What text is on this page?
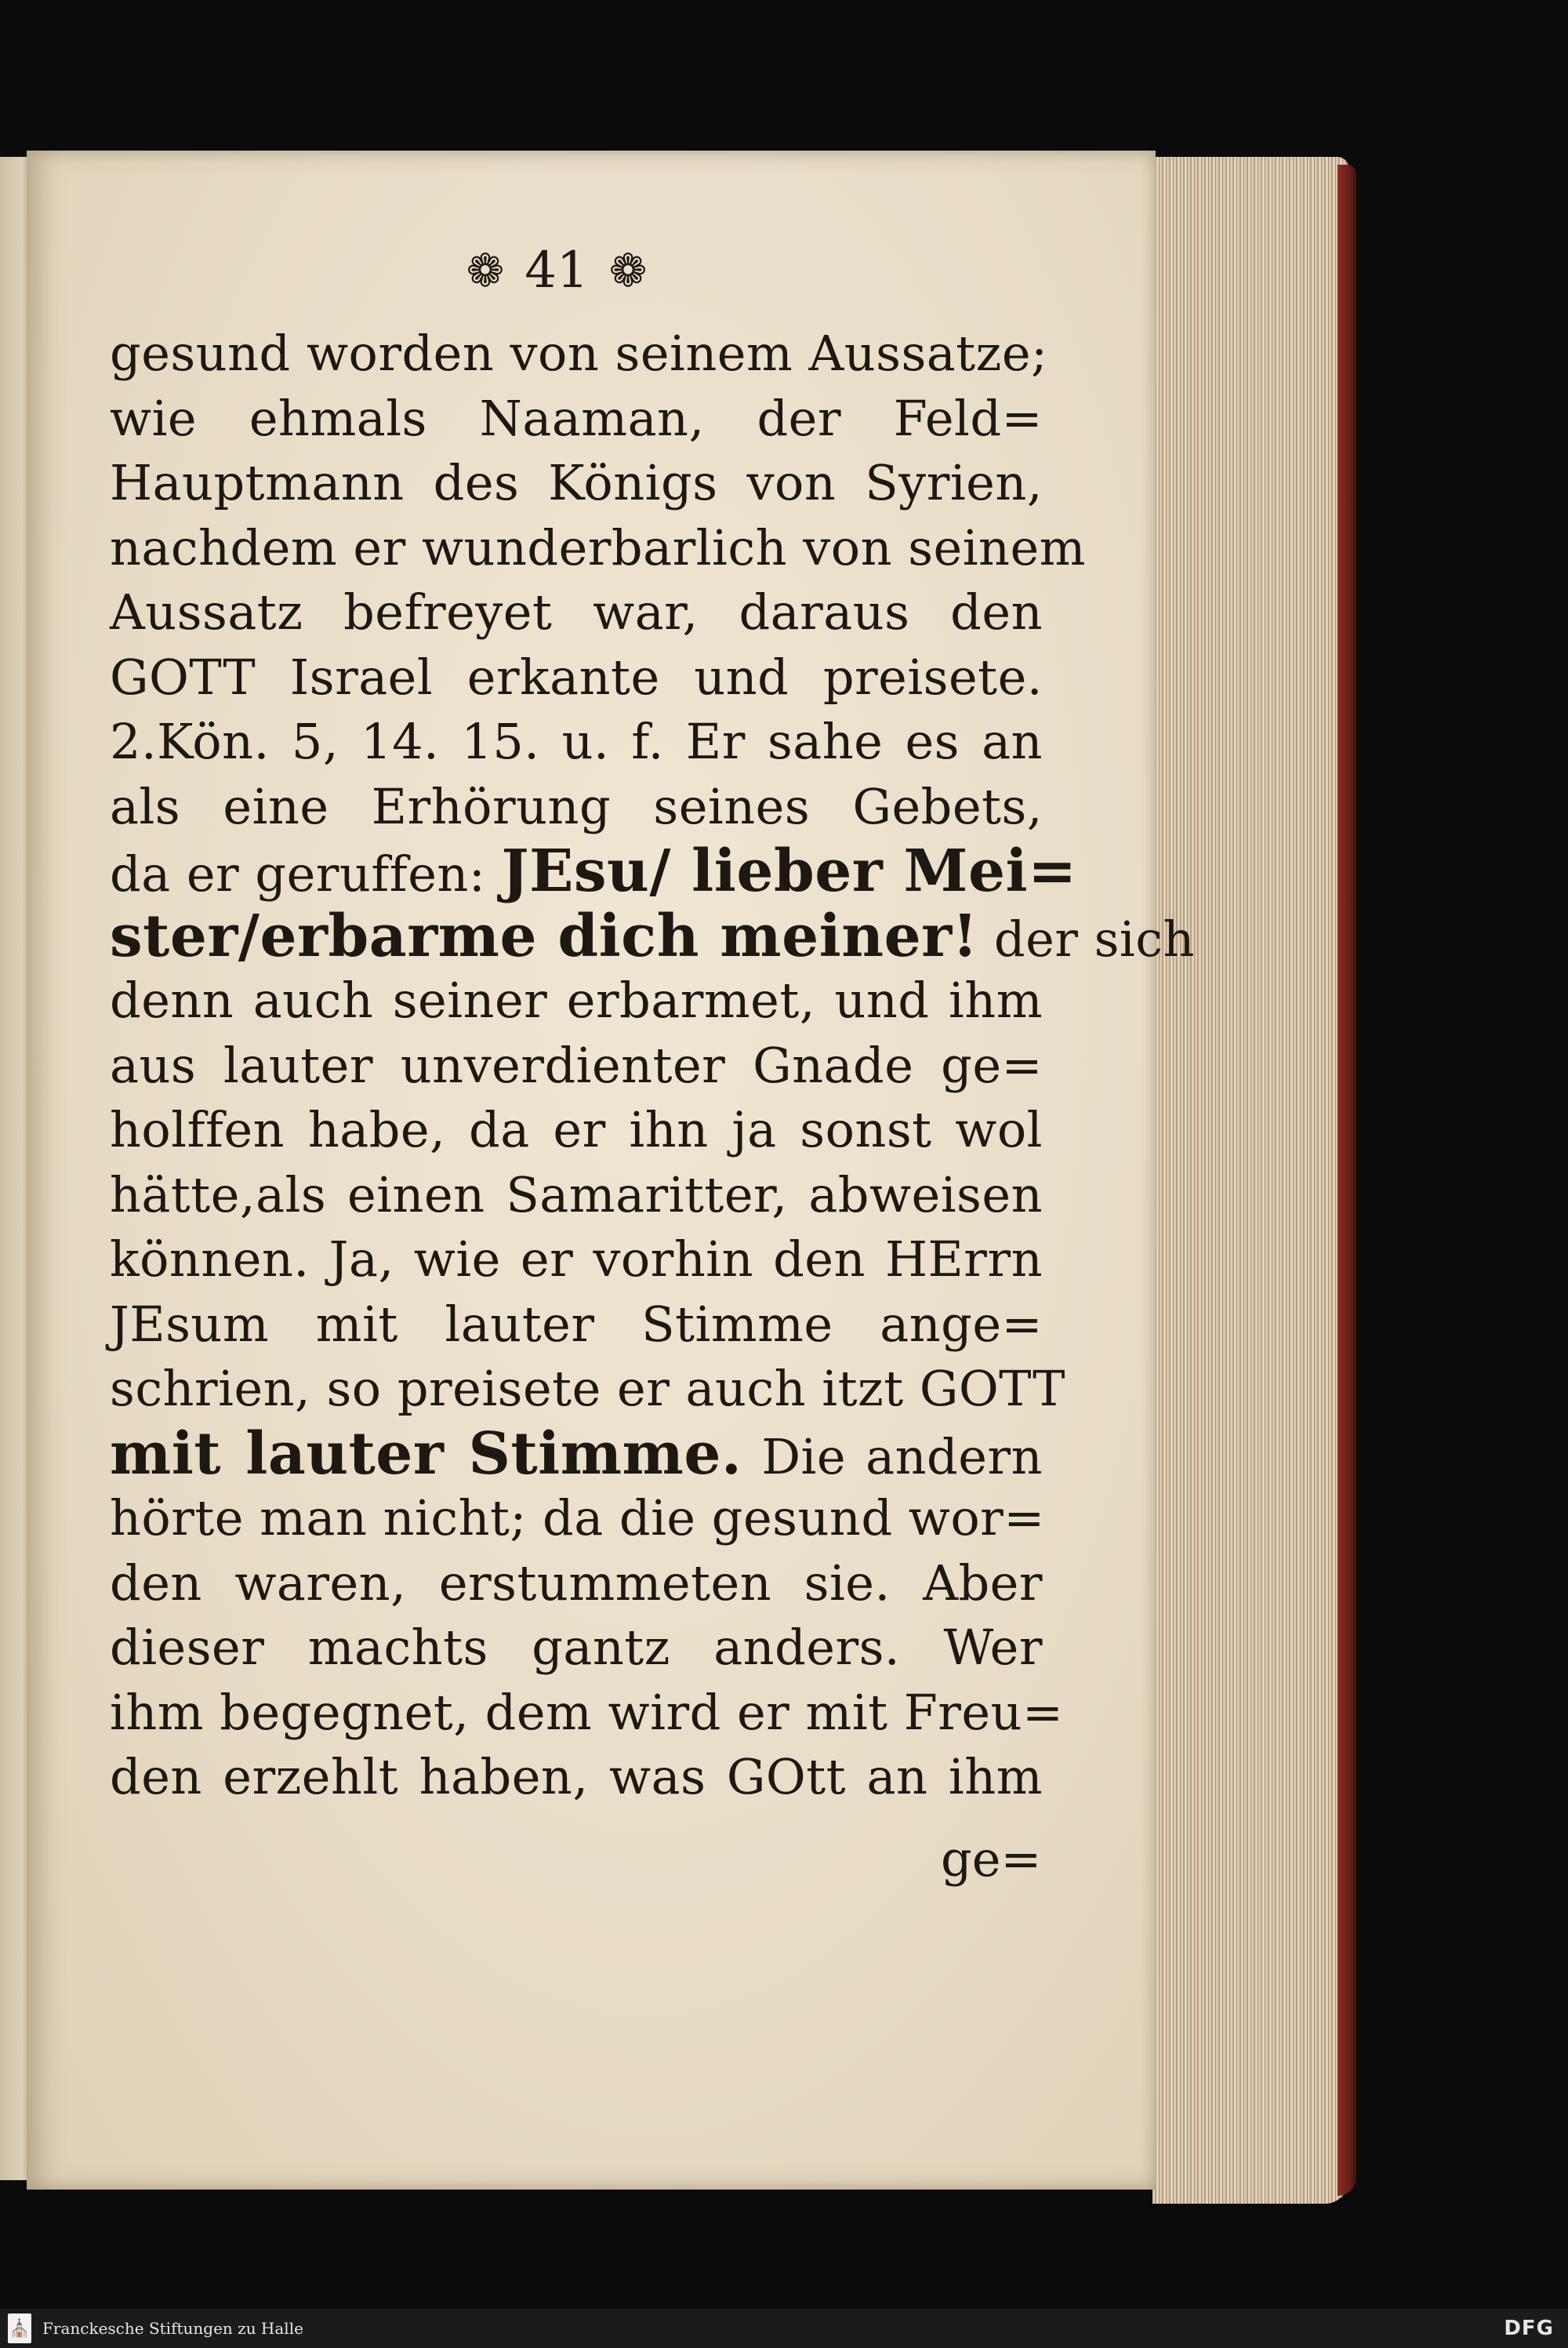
❁ 41 ❁
gesund worden von seinem Aussatze;
wie ehmals Naaman, der Feld=
Hauptmann des Königs von Syrien,
nachdem er wunderbarlich von seinem
Aussatz befreyet war, daraus den
GOTT Israel erkante und preisete.
2.Kön. 5, 14. 15. u. f. Er sahe es an
als eine Erhörung seines Gebets,
da er geruffen: JEsu/ lieber Mei=
ster/erbarme dich meiner! der sich
denn auch seiner erbarmet, und ihm
aus lauter unverdienter Gnade ge=
holffen habe, da er ihn ja sonst wol
hätte,als einen Samaritter, abweisen
können. Ja, wie er vorhin den HErrn
JEsum mit lauter Stimme ange=
schrien, so preisete er auch itzt GOTT
mit lauter Stimme. Die andern
hörte man nicht; da die gesund wor=
den waren, erstummeten sie. Aber
dieser machts gantz anders. Wer
ihm begegnet, dem wird er mit Freu=
den erzehlt haben, was GOtt an ihm
ge=
⛪ Franckesche Stiftungen zu Halle	DFG
